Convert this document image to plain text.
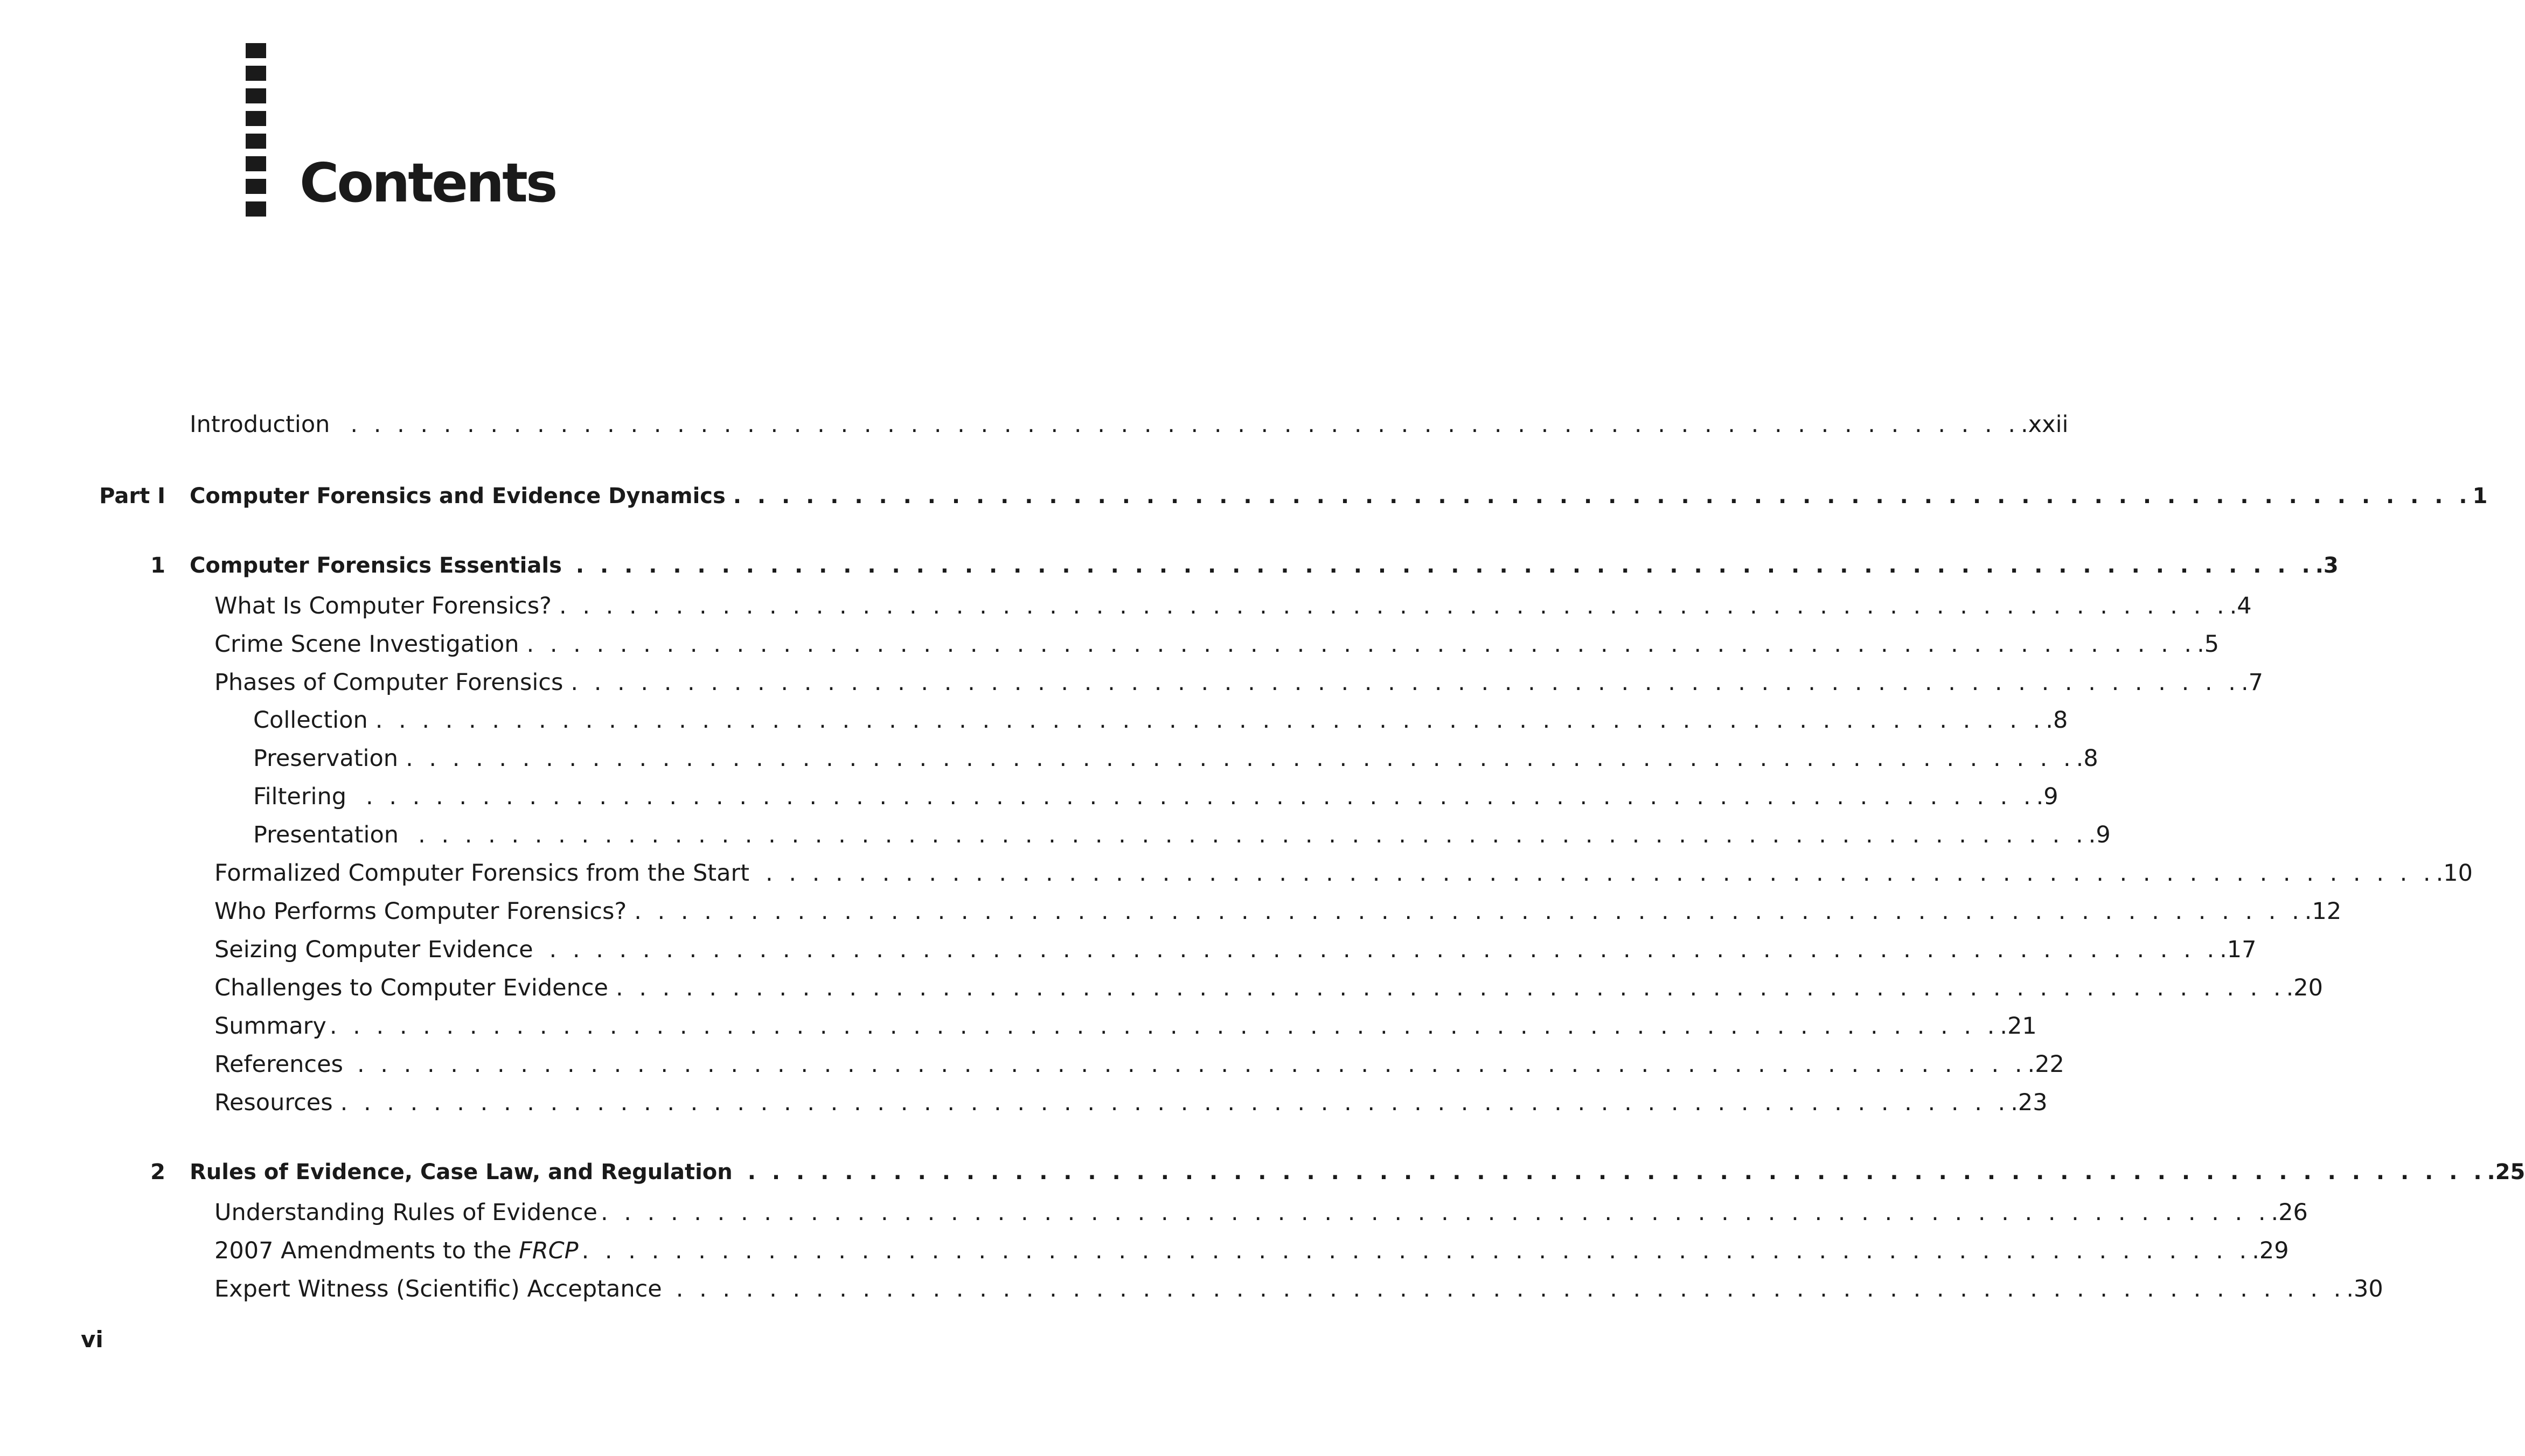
Contents
Introduction . . . . . . . . . . . . . . . . . . . . . . . . . . . . . . . . . . . . . . . . . . . . . . . . . . . . . . . . . . . . . . . . . . . . . . . . .xxii
Part I Computer Forensics and Evidence Dynamics . . . . . . . . . . . . . . . . . . . . . . . . . . . . . . . . . . . . . . . . . . . . . . . . . . . . . . . . . . . . . . . . . . . . . . . . 1
1 Computer Forensics Essentials . . . . . . . . . . . . . . . . . . . . . . . . . . . . . . . . . . . . . . . . . . . . . . . . . . . . . . . . . . . . . . . . . . . . . . . . .3
What Is Computer Forensics? . . . . . . . . . . . . . . . . . . . . . . . . . . . . . . . . . . . . . . . . . . . . . . . . . . . . . . . . . . . . . . . . . . . . . . . . .4
Crime Scene Investigation . . . . . . . . . . . . . . . . . . . . . . . . . . . . . . . . . . . . . . . . . . . . . . . . . . . . . . . . . . . . . . . . . . . . . . . . .5
Phases of Computer Forensics . . . . . . . . . . . . . . . . . . . . . . . . . . . . . . . . . . . . . . . . . . . . . . . . . . . . . . . . . . . . . . . . . . . . . . . . .7
Collection . . . . . . . . . . . . . . . . . . . . . . . . . . . . . . . . . . . . . . . . . . . . . . . . . . . . . . . . . . . . . . . . . . . . . . . . .8
Preservation . . . . . . . . . . . . . . . . . . . . . . . . . . . . . . . . . . . . . . . . . . . . . . . . . . . . . . . . . . . . . . . . . . . . . . . . .8
Filtering . . . . . . . . . . . . . . . . . . . . . . . . . . . . . . . . . . . . . . . . . . . . . . . . . . . . . . . . . . . . . . . . . . . . . . . . .9
Presentation . . . . . . . . . . . . . . . . . . . . . . . . . . . . . . . . . . . . . . . . . . . . . . . . . . . . . . . . . . . . . . . . . . . . . . . . .9
Formalized Computer Forensics from the Start . . . . . . . . . . . . . . . . . . . . . . . . . . . . . . . . . . . . . . . . . . . . . . . . . . . . . . . . . . . . . . . . . . . . . . . . .10
Who Performs Computer Forensics? . . . . . . . . . . . . . . . . . . . . . . . . . . . . . . . . . . . . . . . . . . . . . . . . . . . . . . . . . . . . . . . . . . . . . . . . .12
Seizing Computer Evidence . . . . . . . . . . . . . . . . . . . . . . . . . . . . . . . . . . . . . . . . . . . . . . . . . . . . . . . . . . . . . . . . . . . . . . . . .17
Challenges to Computer Evidence . . . . . . . . . . . . . . . . . . . . . . . . . . . . . . . . . . . . . . . . . . . . . . . . . . . . . . . . . . . . . . . . . . . . . . . . .20
Summary . . . . . . . . . . . . . . . . . . . . . . . . . . . . . . . . . . . . . . . . . . . . . . . . . . . . . . . . . . . . . . . . . . . . . . . . .21
References . . . . . . . . . . . . . . . . . . . . . . . . . . . . . . . . . . . . . . . . . . . . . . . . . . . . . . . . . . . . . . . . . . . . . . . . .22
Resources . . . . . . . . . . . . . . . . . . . . . . . . . . . . . . . . . . . . . . . . . . . . . . . . . . . . . . . . . . . . . . . . . . . . . . . . .23
2 Rules of Evidence, Case Law, and Regulation . . . . . . . . . . . . . . . . . . . . . . . . . . . . . . . . . . . . . . . . . . . . . . . . . . . . . . . . . . . . . . . . . . . . . . . . .25
Understanding Rules of Evidence . . . . . . . . . . . . . . . . . . . . . . . . . . . . . . . . . . . . . . . . . . . . . . . . . . . . . . . . . . . . . . . . . . . . . . . . .26
2007 Amendments to the FRCP . . . . . . . . . . . . . . . . . . . . . . . . . . . . . . . . . . . . . . . . . . . . . . . . . . . . . . . . . . . . . . . . . . . . . . . . .29
Expert Witness (Scientific) Acceptance . . . . . . . . . . . . . . . . . . . . . . . . . . . . . . . . . . . . . . . . . . . . . . . . . . . . . . . . . . . . . . . . . . . . . . . . .30
vi
